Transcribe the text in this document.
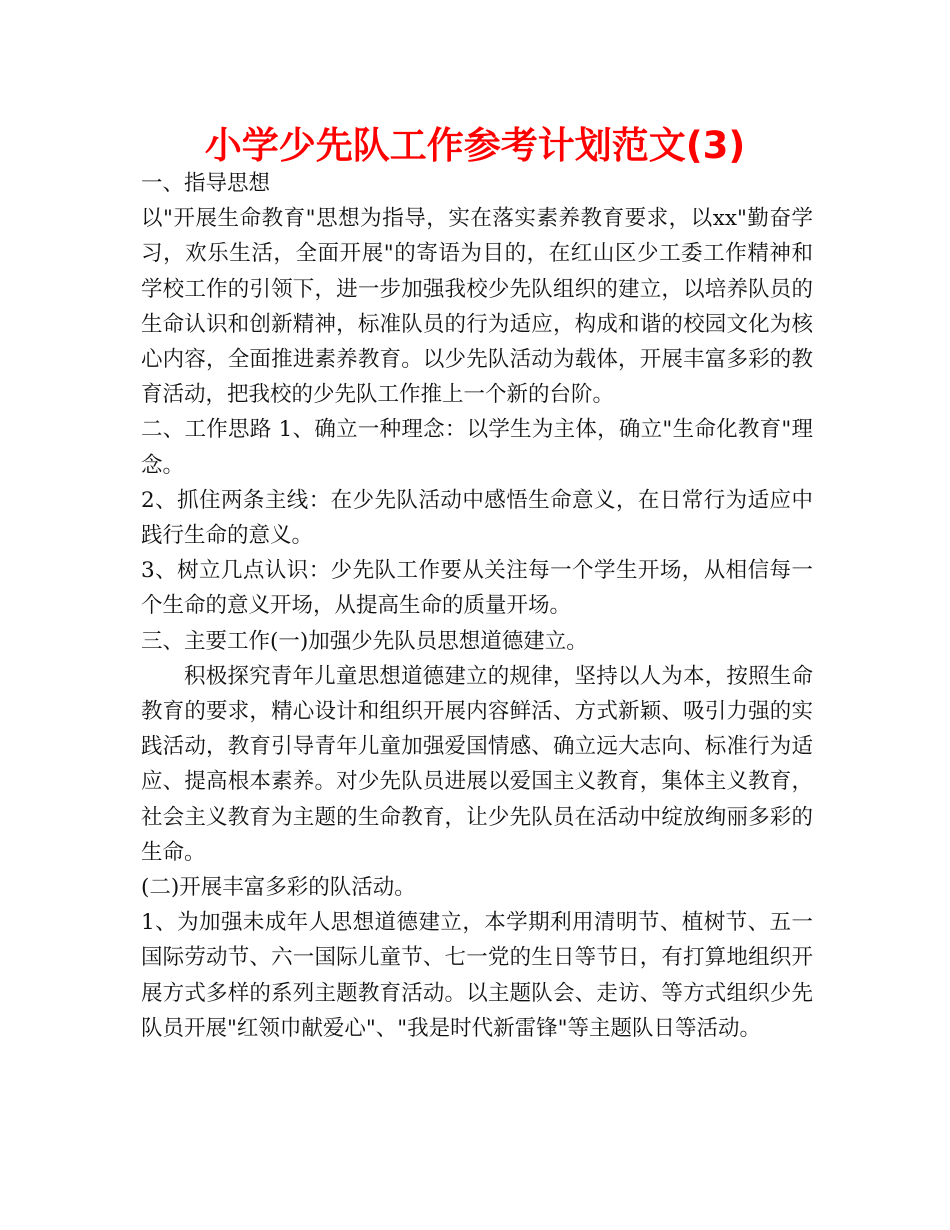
小学少先队工作参考计划范文(3)

一、指导思想

以"开展生命教育"思想为指导，实在落实素养教育要求，以xx"勤奋学习，欢乐生活，全面开展"的寄语为目的，在红山区少工委工作精神和学校工作的引领下，进一步加强我校少先队组织的建立，以培养队员的生命认识和创新精神，标准队员的行为适应，构成和谐的校园文化为核心内容，全面推进素养教育。以少先队活动为载体，开展丰富多彩的教育活动，把我校的少先队工作推上一个新的台阶。

二、工作思路 1、确立一种理念：以学生为主体，确立"生命化教育"理念。

2、抓住两条主线：在少先队活动中感悟生命意义，在日常行为适应中践行生命的意义。

3、树立几点认识：少先队工作要从关注每一个学生开场，从相信每一个生命的意义开场，从提高生命的质量开场。

三、主要工作(一)加强少先队员思想道德建立。

积极探究青年儿童思想道德建立的规律，坚持以人为本，按照生命教育的要求，精心设计和组织开展内容鲜活、方式新颖、吸引力强的实践活动，教育引导青年儿童加强爱国情感、确立远大志向、标准行为适应、提高根本素养。对少先队员进展以爱国主义教育，集体主义教育，社会主义教育为主题的生命教育，让少先队员在活动中绽放绚丽多彩的生命。

(二)开展丰富多彩的队活动。

1、为加强未成年人思想道德建立，本学期利用清明节、植树节、五一国际劳动节、六一国际儿童节、七一党的生日等节日，有打算地组织开展方式多样的系列主题教育活动。以主题队会、走访、等方式组织少先队员开展"红领巾献爱心"、"我是时代新雷锋"等主题队日等活动。
